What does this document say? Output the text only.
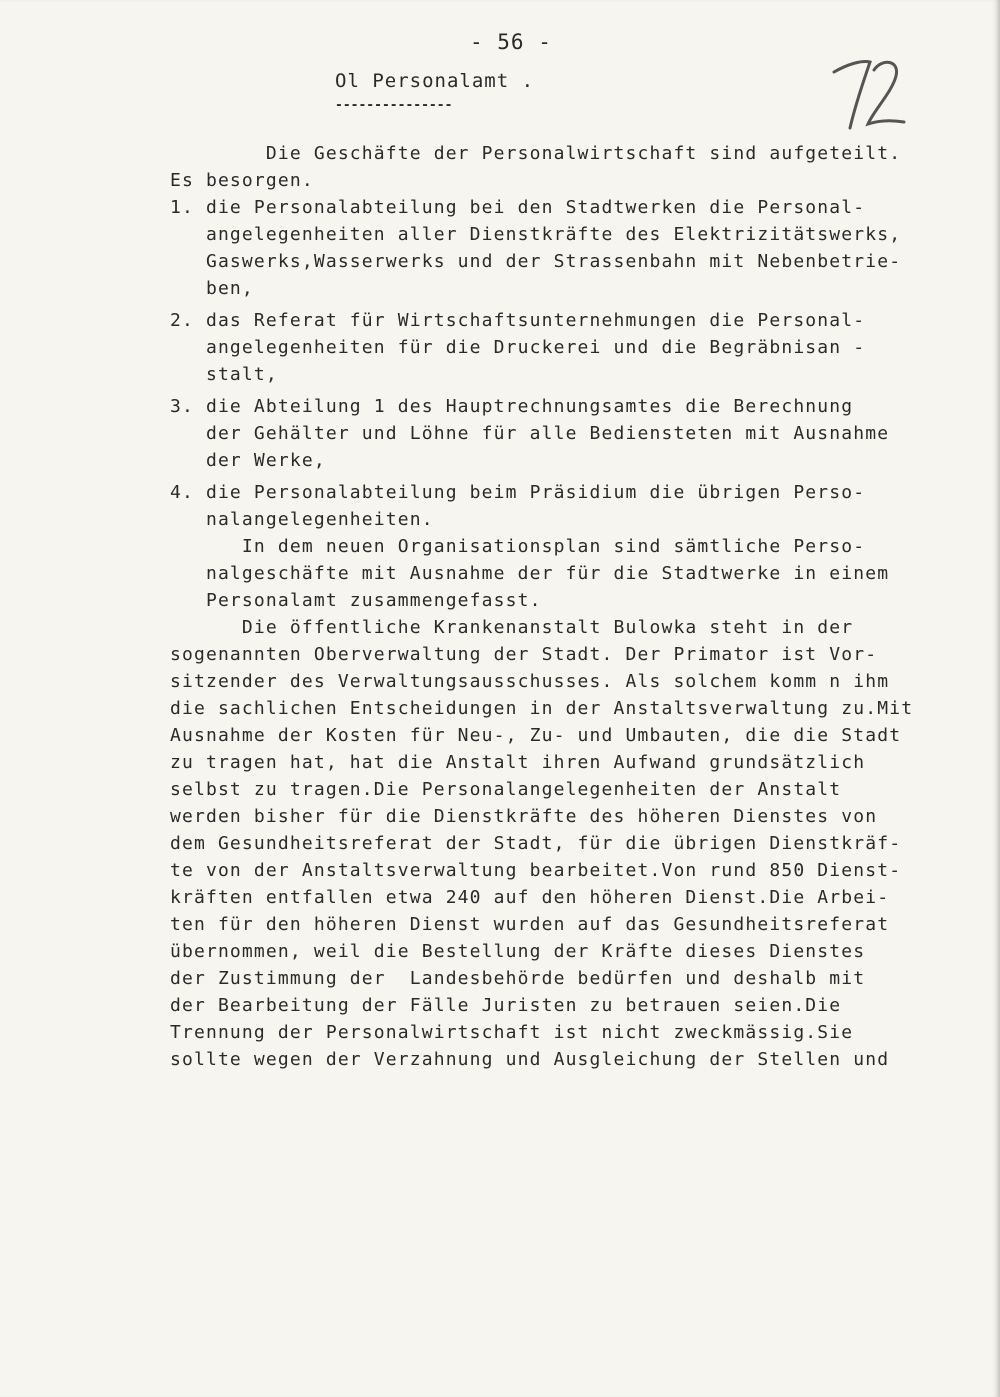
- 56 -
Ol Personalamt .
---------------
Die Geschäfte der Personalwirtschaft sind aufgeteilt.
Es besorgen.
1. die Personalabteilung bei den Stadtwerken die Personal-
angelegenheiten aller Dienstkräfte des Elektrizitätswerks,
Gaswerks,Wasserwerks und der Strassenbahn mit Nebenbetrie-
ben,
2. das Referat für Wirtschaftsunternehmungen die Personal-
angelegenheiten für die Druckerei und die Begräbnisan -
stalt,
3. die Abteilung 1 des Hauptrechnungsamtes die Berechnung
der Gehälter und Löhne für alle Bediensteten mit Ausnahme
der Werke,
4. die Personalabteilung beim Präsidium die übrigen Perso-
nalangelegenheiten.
In dem neuen Organisationsplan sind sämtliche Perso-
nalgeschäfte mit Ausnahme der für die Stadtwerke in einem
Personalamt zusammengefasst.
Die öffentliche Krankenanstalt Bulowka steht in der
sogenannten Oberverwaltung der Stadt. Der Primator ist Vor-
sitzender des Verwaltungsausschusses. Als solchem komm n ihm
die sachlichen Entscheidungen in der Anstaltsverwaltung zu.Mit
Ausnahme der Kosten für Neu-, Zu- und Umbauten, die die Stadt
zu tragen hat, hat die Anstalt ihren Aufwand grundsätzlich
selbst zu tragen.Die Personalangelegenheiten der Anstalt
werden bisher für die Dienstkräfte des höheren Dienstes von
dem Gesundheitsreferat der Stadt, für die übrigen Dienstkräf-
te von der Anstaltsverwaltung bearbeitet.Von rund 850 Dienst-
kräften entfallen etwa 240 auf den höheren Dienst.Die Arbei-
ten für den höheren Dienst wurden auf das Gesundheitsreferat
übernommen, weil die Bestellung der Kräfte dieses Dienstes
der Zustimmung der  Landesbehörde bedürfen und deshalb mit
der Bearbeitung der Fälle Juristen zu betrauen seien.Die
Trennung der Personalwirtschaft ist nicht zweckmässig.Sie
sollte wegen der Verzahnung und Ausgleichung der Stellen und
